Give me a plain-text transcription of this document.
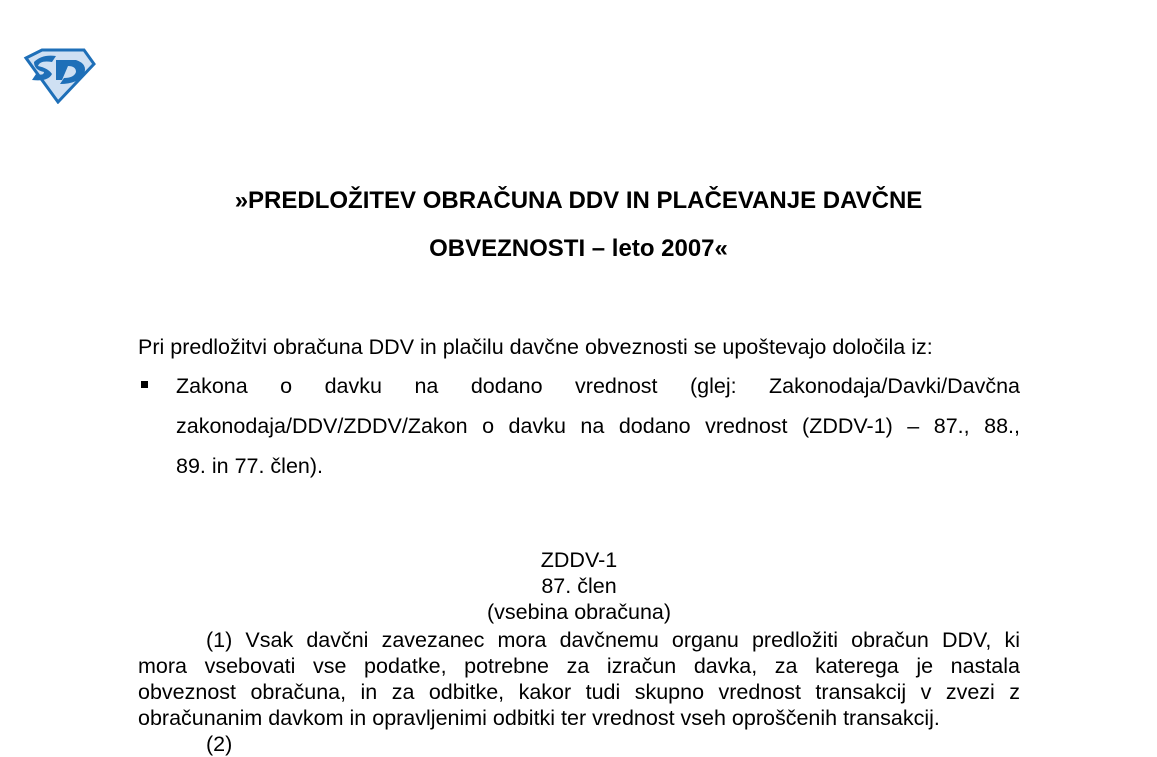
»PREDLOŽITEV OBRAČUNA DDV IN PLAČEVANJE DAVČNE
OBVEZNOSTI – leto 2007«
Pri predložitvi obračuna DDV in plačilu davčne obveznosti se upoštevajo določila iz:
Zakona o davku na dodano vrednost (glej: Zakonodaja/Davki/Davčna
zakonodaja/DDV/ZDDV/Zakon o davku na dodano vrednost (ZDDV-1) – 87., 88.,
89. in 77. člen).
ZDDV-1
87. člen
(vsebina obračuna)
(1) Vsak davčni zavezanec mora davčnemu organu predložiti obračun DDV, ki
mora vsebovati vse podatke, potrebne za izračun davka, za katerega je nastala
obveznost obračuna, in za odbitke, kakor tudi skupno vrednost transakcij v zvezi z
obračunanim davkom in opravljenimi odbitki ter vrednost vseh oproščenih transakcij.
(2)
